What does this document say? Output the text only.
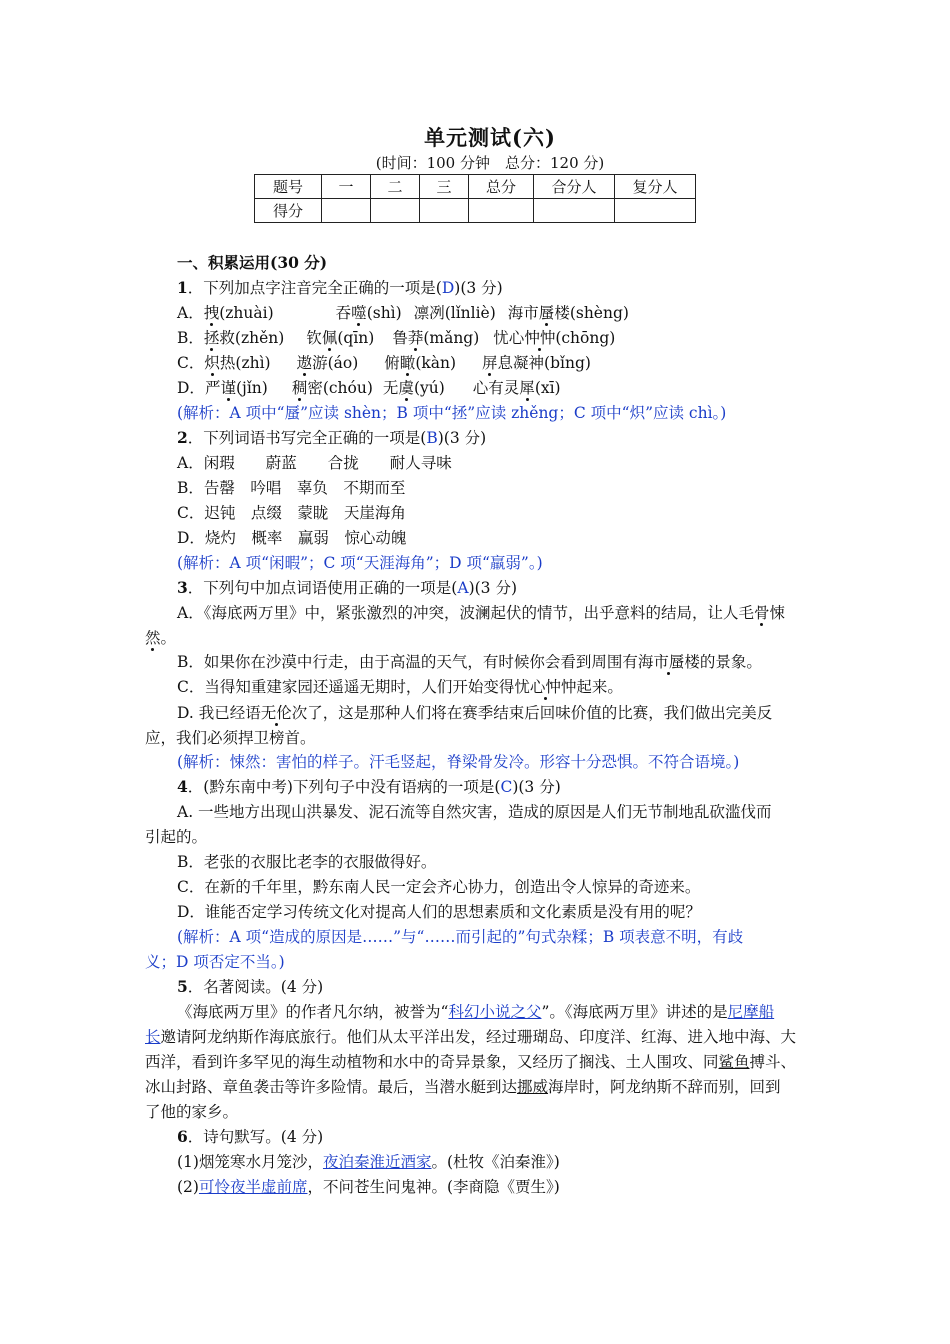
单元测试(六)
(时间：100 分钟　总分：120 分)
题号	一	二	三	总分	合分人	复分人
得分						
一、积累运用(30 分)
1．下列加点字注音完全正确的一项是(D)(3 分)
A．拽(zhuài)	吞噬(shì) 凛冽(lǐnliè) 海市蜃楼(shèng)
B．拯救(zhěn) 钦佩(qīn) 鲁莽(mǎng) 忧心忡忡(chōng)
C．炽热(zhì) 遨游(áo) 俯瞰(kàn) 屏息凝神(bǐng)
D．严谨(jǐn) 稠密(chóu) 无虞(yú) 心有灵犀(xī)
(解析：A 项中“蜃”应读 shèn；B 项中“拯”应读 zhěng；C 项中“炽”应读 chì。)
2．下列词语书写完全正确的一项是(B)(3 分)
A．闲瑕　　蔚蓝　　合拢　　耐人寻味
B．告罄　吟唱　辜负　不期而至
C．迟钝　点缀　蒙眬　天崖海角
D．烧灼　概率　赢弱　惊心动魄
(解析：A 项“闲暇”；C 项“天涯海角”；D 项“羸弱”。)
3．下列句中加点词语使用正确的一项是(A)(3 分)
A．《海底两万里》中，紧张激烈的冲突，波澜起伏的情节，出乎意料的结局，让人毛骨悚
然。
B．如果你在沙漠中行走，由于高温的天气，有时候你会看到周围有海市蜃楼的景象。
C．当得知重建家园还遥遥无期时，人们开始变得忧心忡忡起来。
D. 我已经语无伦次了，这是那种人们将在赛季结束后回味价值的比赛，我们做出完美反
应，我们必须捍卫榜首。
(解析：悚然：害怕的样子。汗毛竖起，脊梁骨发冷。形容十分恐惧。不符合语境。)
4．(黔东南中考)下列句子中没有语病的一项是(C)(3 分)
A. 一些地方出现山洪暴发、泥石流等自然灾害，造成的原因是人们无节制地乱砍滥伐而
引起的。
B．老张的衣服比老李的衣服做得好。
C．在新的千年里，黔东南人民一定会齐心协力，创造出令人惊异的奇迹来。
D．谁能否定学习传统文化对提高人们的思想素质和文化素质是没有用的呢？
(解析：A 项“造成的原因是……”与“……而引起的”句式杂糅；B 项表意不明，有歧
义；D 项否定不当。)
5．名著阅读。(4 分)
《海底两万里》的作者凡尔纳，被誉为“科幻小说之父”。《海底两万里》讲述的是尼摩船
长邀请阿龙纳斯作海底旅行。他们从太平洋出发，经过珊瑚岛、印度洋、红海、进入地中海、大
西洋，看到许多罕见的海生动植物和水中的奇异景象，又经历了搁浅、土人围攻、同鲨鱼搏斗、
冰山封路、章鱼袭击等许多险情。最后，当潜水艇到达挪威海岸时，阿龙纳斯不辞而别，回到
了他的家乡。
6．诗句默写。(4 分)
(1)烟笼寒水月笼沙，夜泊秦淮近酒家。(杜牧《泊秦淮》)
(2)可怜夜半虚前席，不问苍生问鬼神。(李商隐《贾生》)
